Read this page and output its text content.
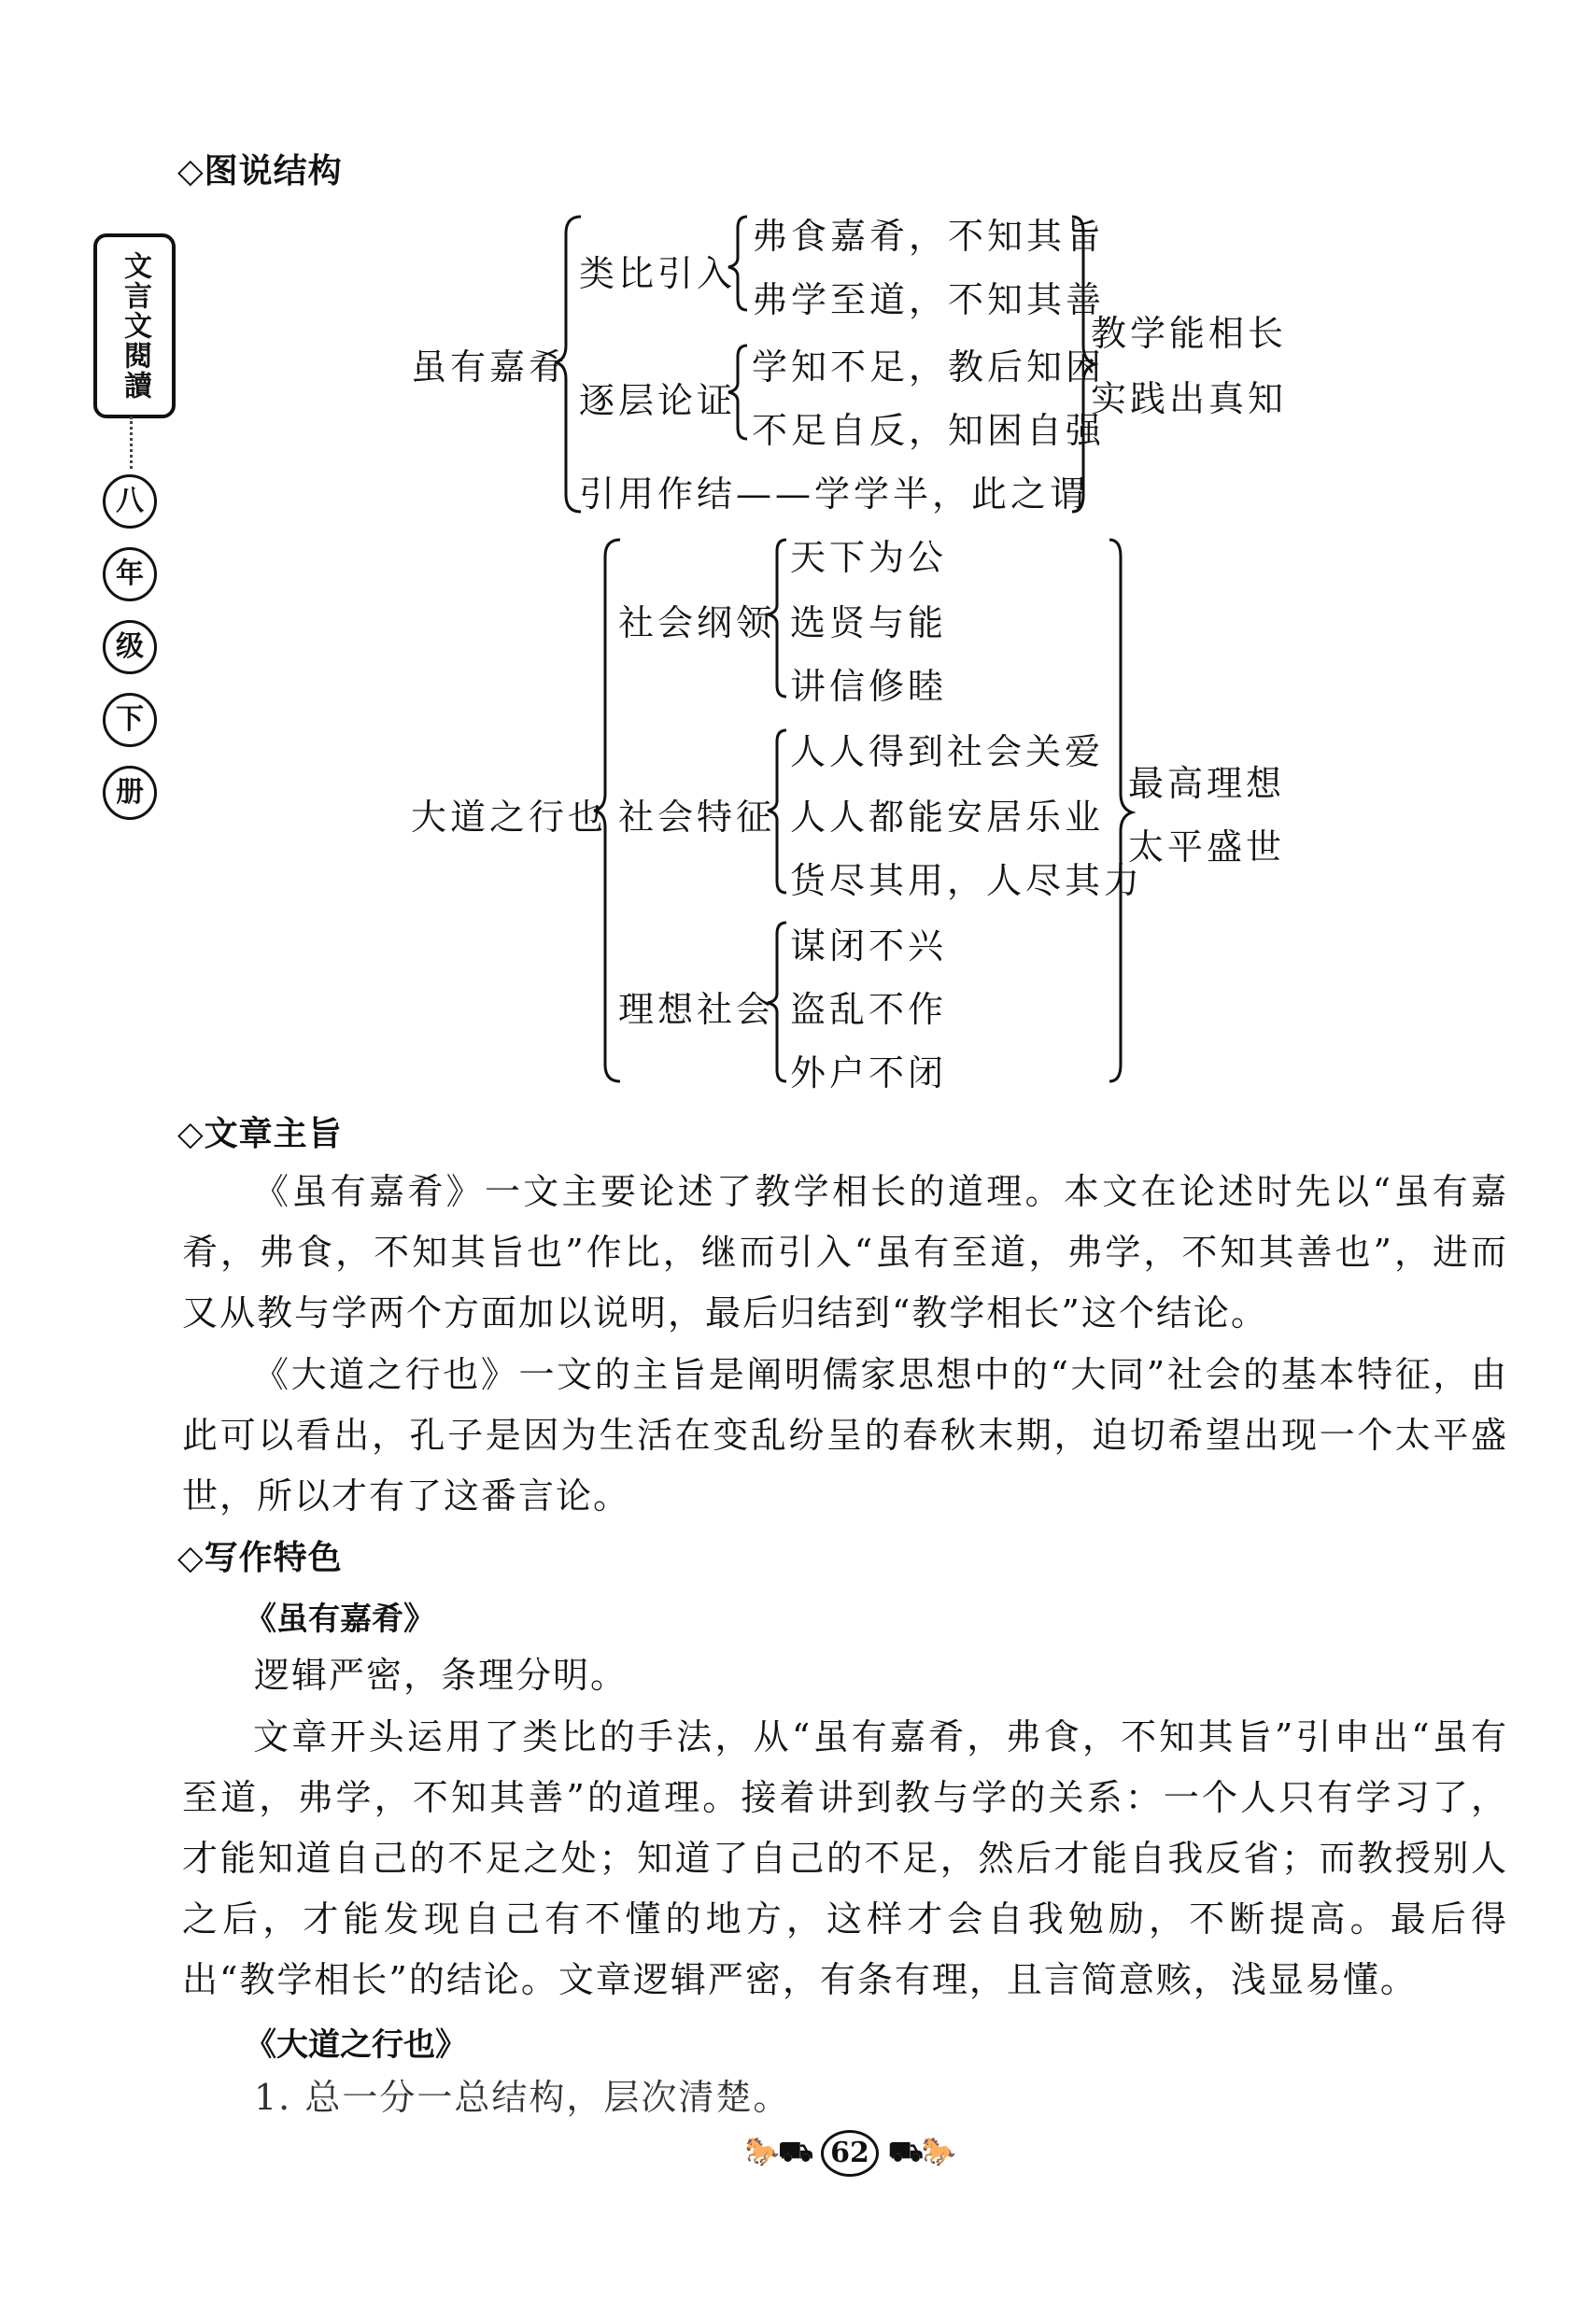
文言文閱讀
八
年
级
下
册
◇图说结构
虽有嘉肴
类比引入
弗食嘉肴，不知其旨
弗学至道，不知其善
逐层论证
学知不足，教后知困
不足自反，知困自强
引用作结——学学半，此之谓
教学能相长
实践出真知
大道之行也
社会纲领
天下为公
选贤与能
讲信修睦
社会特征
人人得到社会关爱
人人都能安居乐业
货尽其用，人尽其力
理想社会
谋闭不兴
盗乱不作
外户不闭
最高理想
太平盛世
◇文章主旨
《虽有嘉肴》一文主要论述了教学相长的道理。本文在论述时先以“虽有嘉肴，弗食，不知其旨也”作比，继而引入“虽有至道，弗学，不知其善也”，进而又从教与学两个方面加以说明，最后归结到“教学相长”这个结论。
《大道之行也》一文的主旨是阐明儒家思想中的“大同”社会的基本特征，由此可以看出，孔子是因为生活在变乱纷呈的春秋末期，迫切希望出现一个太平盛世，所以才有了这番言论。
◇写作特色
《虽有嘉肴》
逻辑严密，条理分明。
文章开头运用了类比的手法，从“虽有嘉肴，弗食，不知其旨”引申出“虽有至道，弗学，不知其善”的道理。接着讲到教与学的关系：一个人只有学习了，才能知道自己的不足之处；知道了自己的不足，然后才能自我反省；而教授别人之后，才能发现自己有不懂的地方，这样才会自我勉励，不断提高。最后得出“教学相长”的结论。文章逻辑严密，有条有理，且言简意赅，浅显易懂。
《大道之行也》
1. 总一分一总结构，层次清楚。
🐎⛟ 62 ⛟🐎
